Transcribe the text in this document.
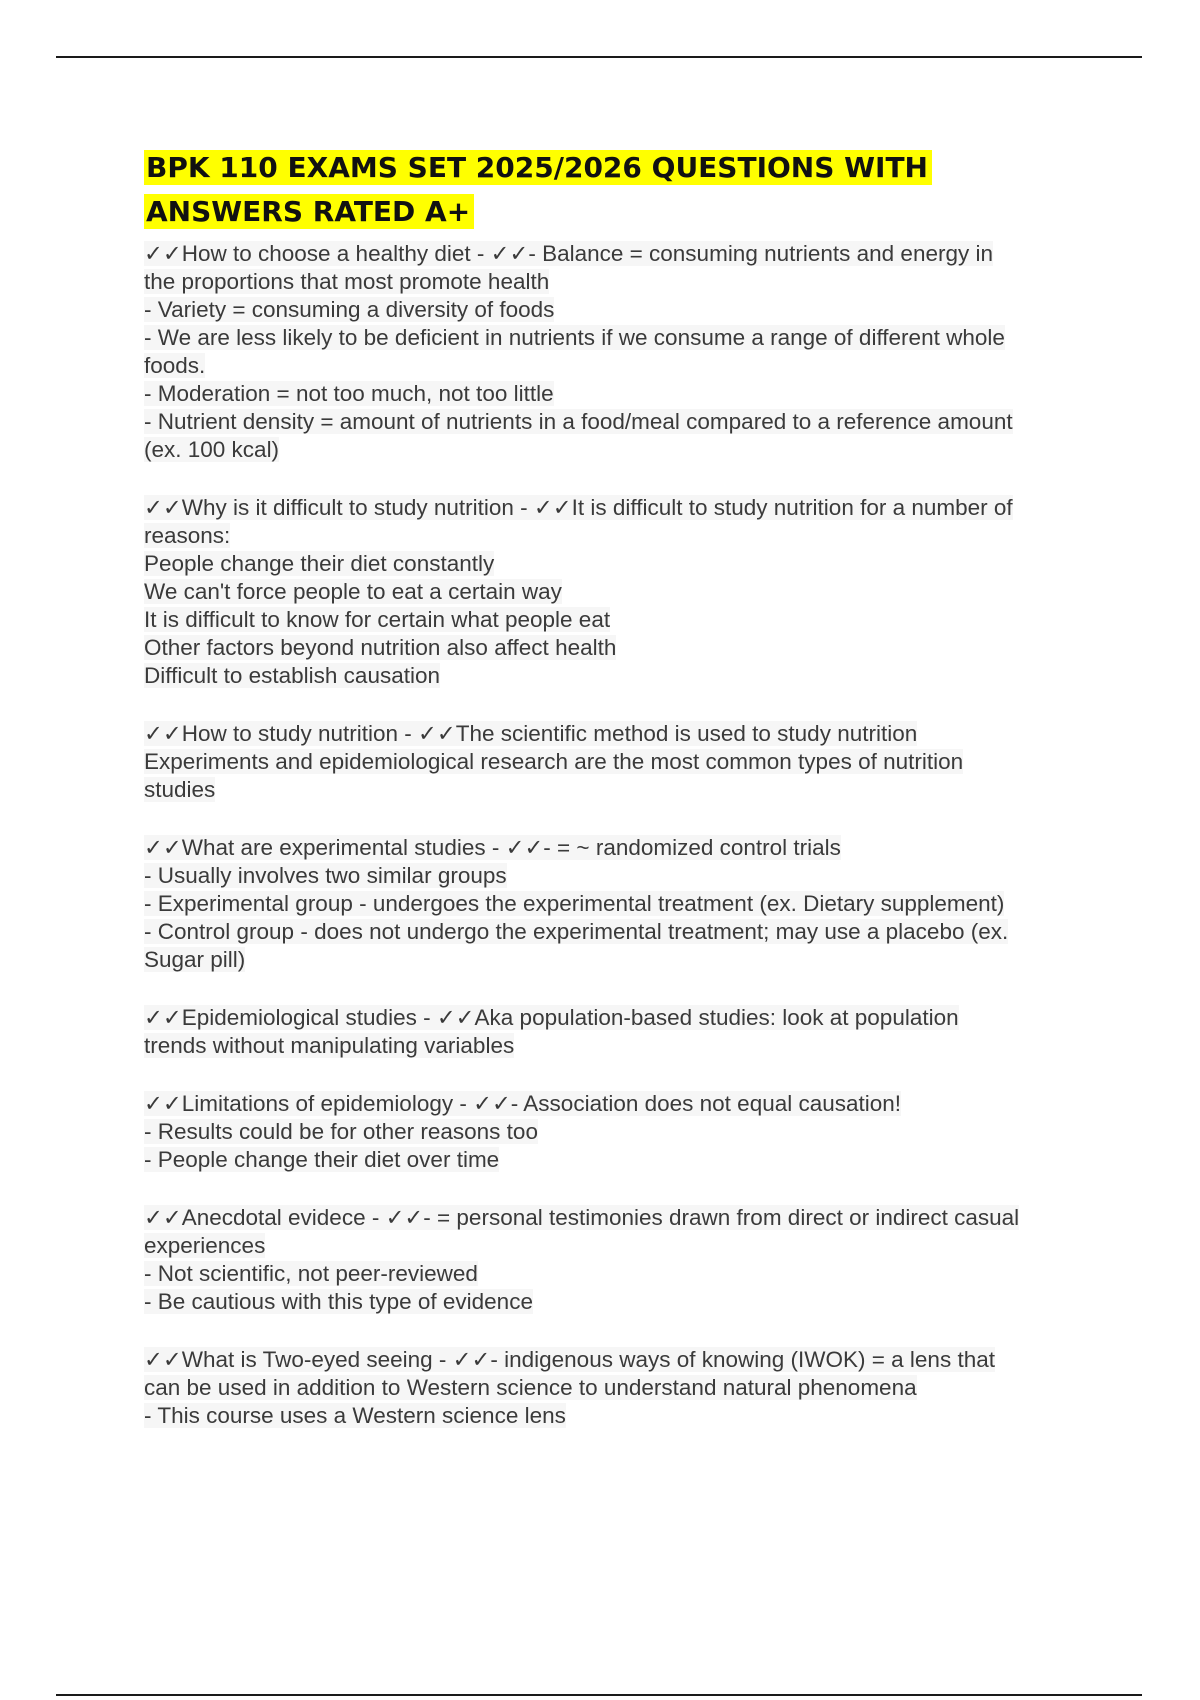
BPK 110 EXAMS SET 2025/2026 QUESTIONS WITH
ANSWERS RATED A+
✓✓How to choose a healthy diet - ✓✓- Balance = consuming nutrients and energy in
the proportions that most promote health
- Variety = consuming a diversity of foods
- We are less likely to be deficient in nutrients if we consume a range of different whole
foods.
- Moderation = not too much, not too little
- Nutrient density = amount of nutrients in a food/meal compared to a reference amount
(ex. 100 kcal)
✓✓Why is it difficult to study nutrition - ✓✓It is difficult to study nutrition for a number of
reasons:
People change their diet constantly
We can't force people to eat a certain way
It is difficult to know for certain what people eat
Other factors beyond nutrition also affect health
Difficult to establish causation
✓✓How to study nutrition - ✓✓The scientific method is used to study nutrition
Experiments and epidemiological research are the most common types of nutrition
studies
✓✓What are experimental studies - ✓✓- = ~ randomized control trials
- Usually involves two similar groups
- Experimental group - undergoes the experimental treatment (ex. Dietary supplement)
- Control group - does not undergo the experimental treatment; may use a placebo (ex.
Sugar pill)
✓✓Epidemiological studies - ✓✓Aka population-based studies: look at population
trends without manipulating variables
✓✓Limitations of epidemiology - ✓✓- Association does not equal causation!
- Results could be for other reasons too
- People change their diet over time
✓✓Anecdotal evidece - ✓✓- = personal testimonies drawn from direct or indirect casual
experiences
- Not scientific, not peer-reviewed
- Be cautious with this type of evidence
✓✓What is Two-eyed seeing - ✓✓- indigenous ways of knowing (IWOK) = a lens that
can be used in addition to Western science to understand natural phenomena
- This course uses a Western science lens
